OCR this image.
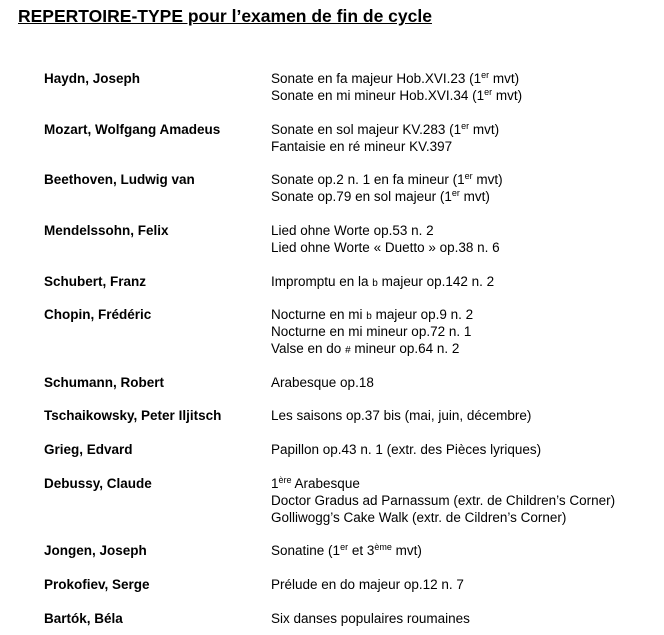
REPERTOIRE-TYPE pour l’examen de fin de cycle
Haydn, Joseph	Sonate en fa majeur Hob.XVI.23 (1er mvt)
Sonate en mi mineur Hob.XVI.34 (1er mvt)
Mozart, Wolfgang Amadeus	Sonate en sol majeur KV.283 (1er mvt)
Fantaisie en ré mineur KV.397
Beethoven, Ludwig van	Sonate op.2 n. 1 en fa mineur (1er mvt)
Sonate op.79 en sol majeur (1er mvt)
Mendelssohn, Felix	Lied ohne Worte op.53 n. 2
Lied ohne Worte « Duetto » op.38 n. 6
Schubert, Franz	Impromptu en la b majeur op.142 n. 2
Chopin, Frédéric	Nocturne en mi b majeur op.9 n. 2
Nocturne en mi mineur op.72 n. 1
Valse en do # mineur op.64 n. 2
Schumann, Robert	Arabesque op.18
Tschaikowsky, Peter Iljitsch	Les saisons op.37 bis (mai, juin, décembre)
Grieg, Edvard	Papillon op.43 n. 1 (extr. des Pièces lyriques)
Debussy, Claude	1ère Arabesque
Doctor Gradus ad Parnassum (extr. de Children’s Corner)
Golliwogg’s Cake Walk (extr. de Cildren’s Corner)
Jongen, Joseph	Sonatine (1er et 3ème mvt)
Prokofiev, Serge	Prélude en do majeur op.12 n. 7
Bartók, Béla	Six danses populaires roumaines
